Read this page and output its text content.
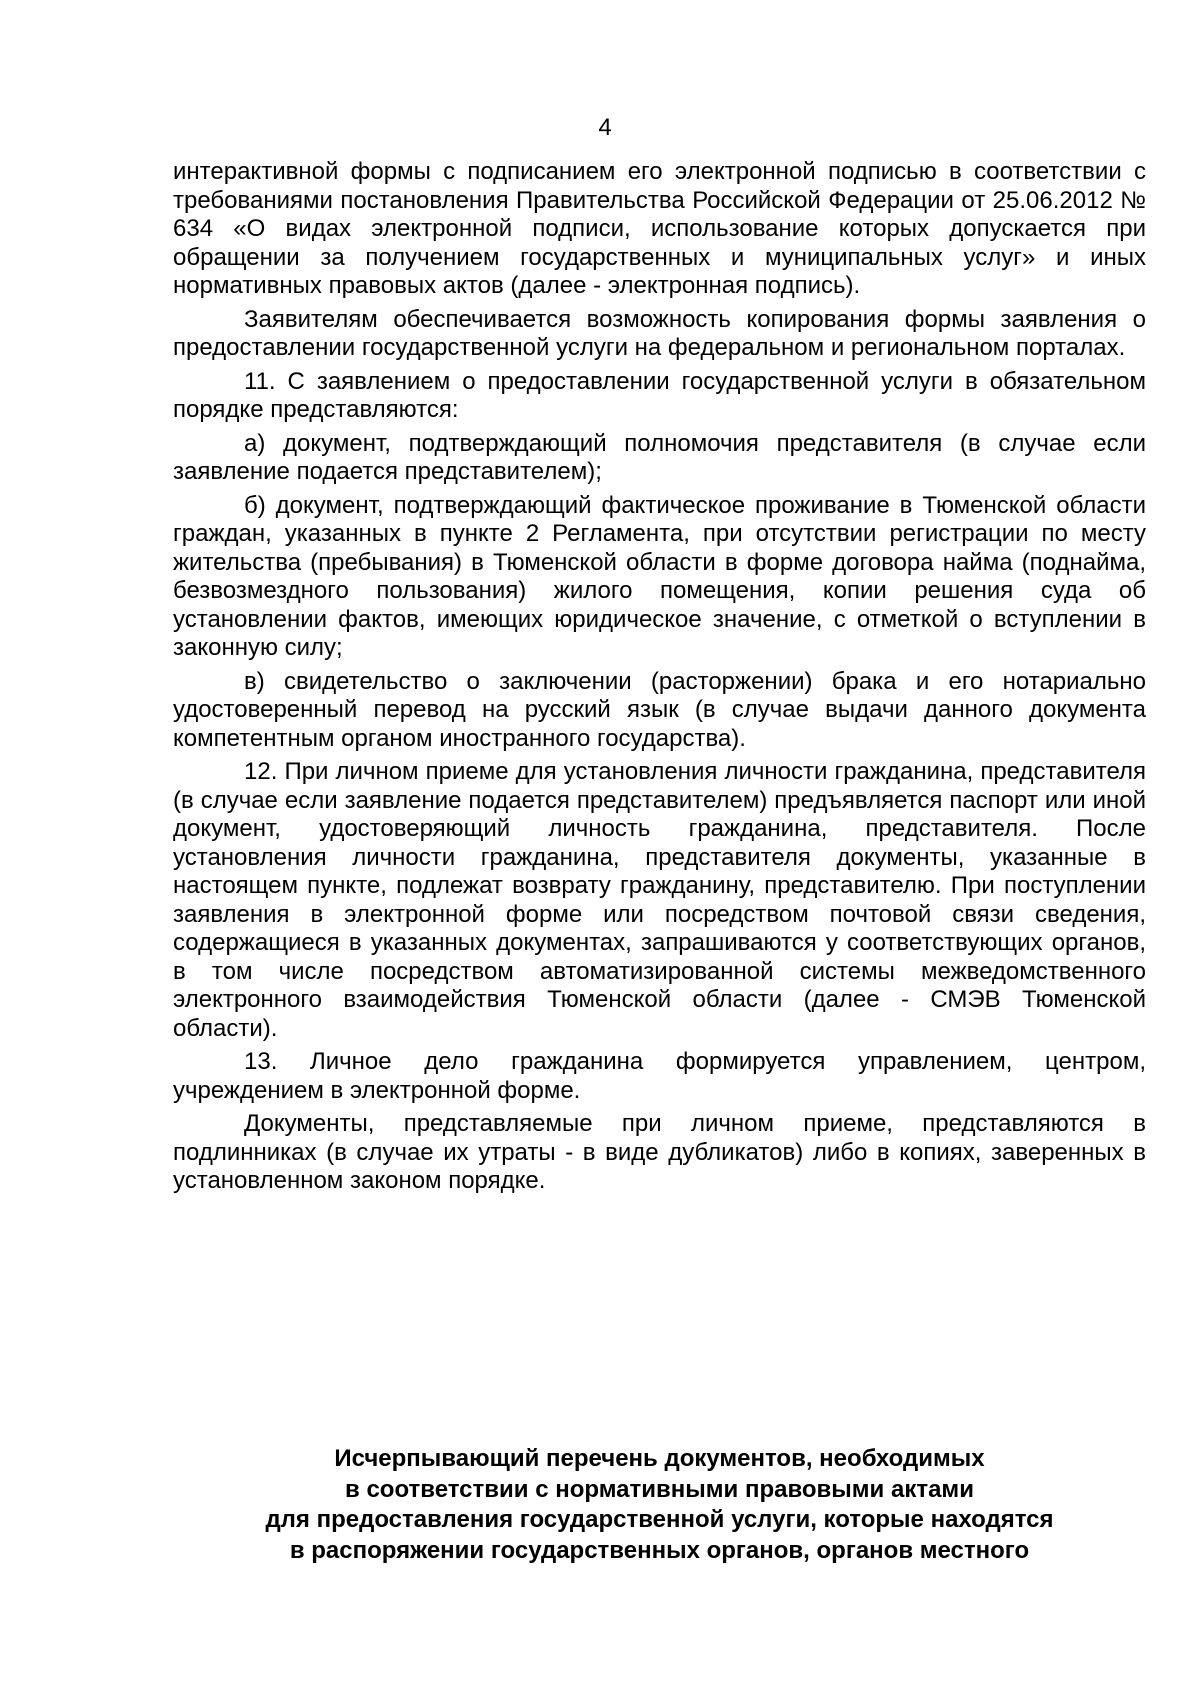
4

интерактивной формы с подписанием его электронной подписью в соответствии с требованиями постановления Правительства Российской Федерации от 25.06.2012 № 634 «О видах электронной подписи, использование которых допускается при обращении за получением государственных и муниципальных услуг» и иных нормативных правовых актов (далее - электронная подпись).

Заявителям обеспечивается возможность копирования формы заявления о предоставлении государственной услуги на федеральном и региональном порталах.

11. С заявлением о предоставлении государственной услуги в обязательном порядке представляются:

а) документ, подтверждающий полномочия представителя (в случае если заявление подается представителем);

б) документ, подтверждающий фактическое проживание в Тюменской области граждан, указанных в пункте 2 Регламента, при отсутствии регистрации по месту жительства (пребывания) в Тюменской области в форме договора найма (поднайма, безвозмездного пользования) жилого помещения, копии решения суда об установлении фактов, имеющих юридическое значение, с отметкой о вступлении в законную силу;

в) свидетельство о заключении (расторжении) брака и его нотариально удостоверенный перевод на русский язык (в случае выдачи данного документа компетентным органом иностранного государства).

12. При личном приеме для установления личности гражданина, представителя (в случае если заявление подается представителем) предъявляется паспорт или иной документ, удостоверяющий личность гражданина, представителя. После установления личности гражданина, представителя документы, указанные в настоящем пункте, подлежат возврату гражданину, представителю. При поступлении заявления в электронной форме или посредством почтовой связи сведения, содержащиеся в указанных документах, запрашиваются у соответствующих органов, в том числе посредством автоматизированной системы межведомственного электронного взаимодействия Тюменской области (далее - СМЭВ Тюменской области).

13. Личное дело гражданина формируется управлением, центром, учреждением в электронной форме.

Документы, представляемые при личном приеме, представляются в подлинниках (в случае их утраты - в виде дубликатов) либо в копиях, заверенных в установленном законом порядке.

Исчерпывающий перечень документов, необходимых
в соответствии с нормативными правовыми актами
для предоставления государственной услуги, которые находятся
в распоряжении государственных органов, органов местного
